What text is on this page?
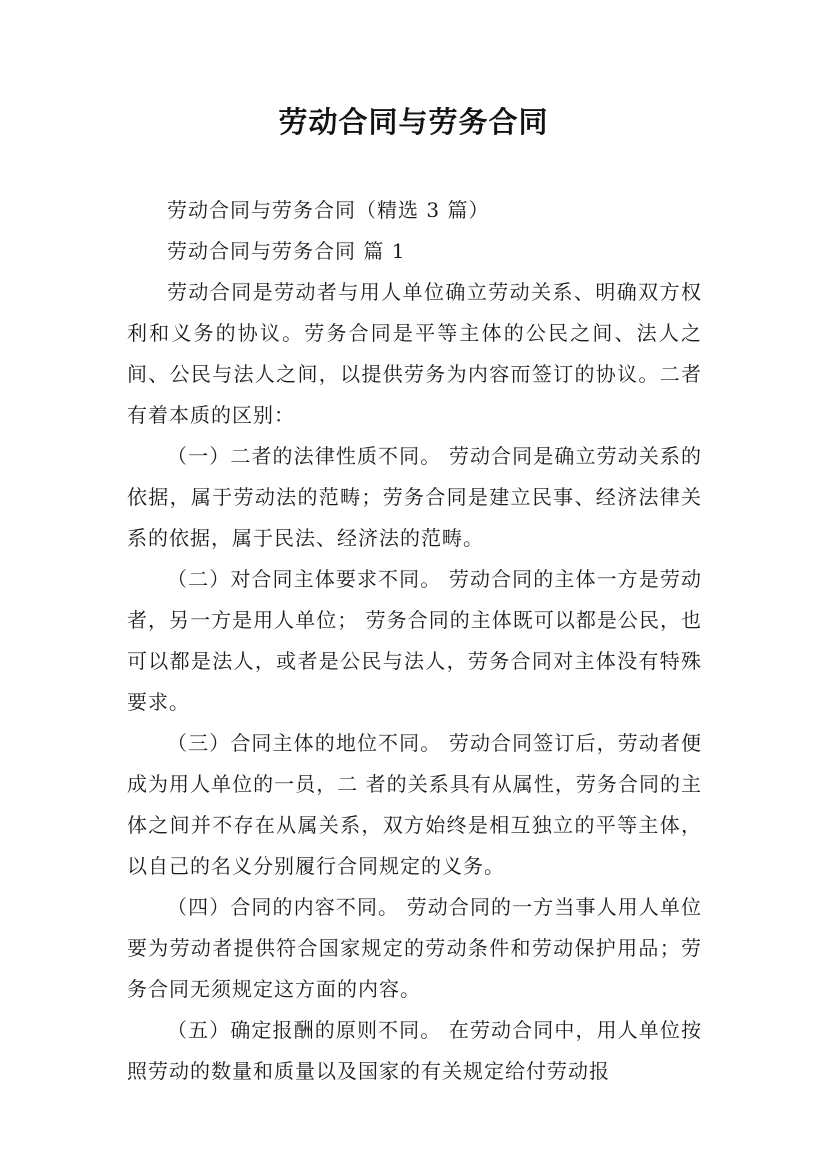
劳动合同与劳务合同

劳动合同与劳务合同（精选 3 篇）

劳动合同与劳务合同 篇 1

劳动合同是劳动者与用人单位确立劳动关系、明确双方权利和义务的协议。劳务合同是平等主体的公民之间、法人之间、公民与法人之间，以提供劳务为内容而签订的协议。二者有着本质的区别：

（一）二者的法律性质不同。 劳动合同是确立劳动关系的依据，属于劳动法的范畴；劳务合同是建立民事、经济法律关系的依据，属于民法、经济法的范畴。

（二）对合同主体要求不同。 劳动合同的主体一方是劳动者，另一方是用人单位； 劳务合同的主体既可以都是公民，也可以都是法人，或者是公民与法人，劳务合同对主体没有特殊要求。

（三）合同主体的地位不同。 劳动合同签订后，劳动者便成为用人单位的一员，二 者的关系具有从属性，劳务合同的主体之间并不存在从属关系，双方始终是相互独立的平等主体，以自己的名义分别履行合同规定的义务。

（四）合同的内容不同。 劳动合同的一方当事人用人单位要为劳动者提供符合国家规定的劳动条件和劳动保护用品；劳务合同无须规定这方面的内容。

（五）确定报酬的原则不同。 在劳动合同中，用人单位按照劳动的数量和质量以及国家的有关规定给付劳动报
